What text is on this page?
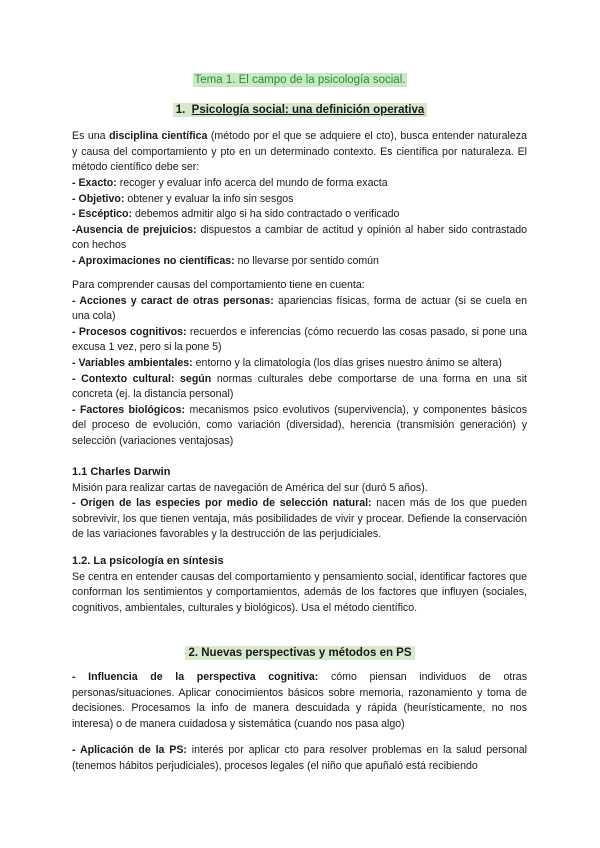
Tema 1. El campo de la psicología social.
1. Psicología social: una definición operativa

Es una disciplina científica (método por el que se adquiere el cto), busca entender naturaleza y causa del comportamiento y pto en un determinado contexto. Es científica por naturaleza. El método científico debe ser:

- Exacto: recoger y evaluar info acerca del mundo de forma exacta

- Objetivo: obtener y evaluar la info sin sesgos

- Escéptico: debemos admitir algo si ha sido contractado o verificado

-Ausencia de prejuicios: dispuestos a cambiar de actitud y opinión al haber sido contrastado con hechos

- Aproximaciones no científicas: no llevarse por sentido común

Para comprender causas del comportamiento tiene en cuenta:

- Acciones y caract de otras personas: apariencias físicas, forma de actuar (si se cuela en una cola)

- Procesos cognitivos: recuerdos e inferencias (cómo recuerdo las cosas pasado, si pone una excusa 1 vez, pero si la pone 5)

- Variables ambientales: entorno y la climatología (los días grises nuestro ánimo se altera)

- Contexto cultural: según normas culturales debe comportarse de una forma en una sit concreta (ej. la distancia personal)

- Factores biológicos: mecanismos psico evolutivos (supervivencia), y componentes básicos del proceso de evolución, como variación (diversidad), herencia (transmisión generación) y selección (variaciones ventajosas)

1.1 Charles Darwin

Misión para realizar cartas de navegación de América del sur (duró 5 años).

- Origen de las especies por medio de selección natural: nacen más de los que pueden sobrevivir, los que tienen ventaja, más posibilidades de vivir y procear. Defiende la conservación de las variaciones favorables y la destrucción de las perjudiciales.

1.2. La psicología en síntesis

Se centra en entender causas del comportamiento y pensamiento social, identificar factores que conforman los sentimientos y comportamientos, además de los factores que influyen (sociales, cognitivos, ambientales, culturales y biológicos). Usa el método científico.

2. Nuevas perspectivas y métodos en PS

- Influencia de la perspectiva cognitiva: cómo piensan individuos de otras personas/situaciones. Aplicar conocimientos básicos sobre memoria, razonamiento y toma de decisiones. Procesamos la info de manera descuidada y rápida (heurísticamente, no nos interesa) o de manera cuidadosa y sistemática (cuando nos pasa algo)

- Aplicación de la PS: interés por aplicar cto para resolver problemas en la salud personal (tenemos hábitos perjudiciales), procesos legales (el niño que apuñaló está recibiendo
